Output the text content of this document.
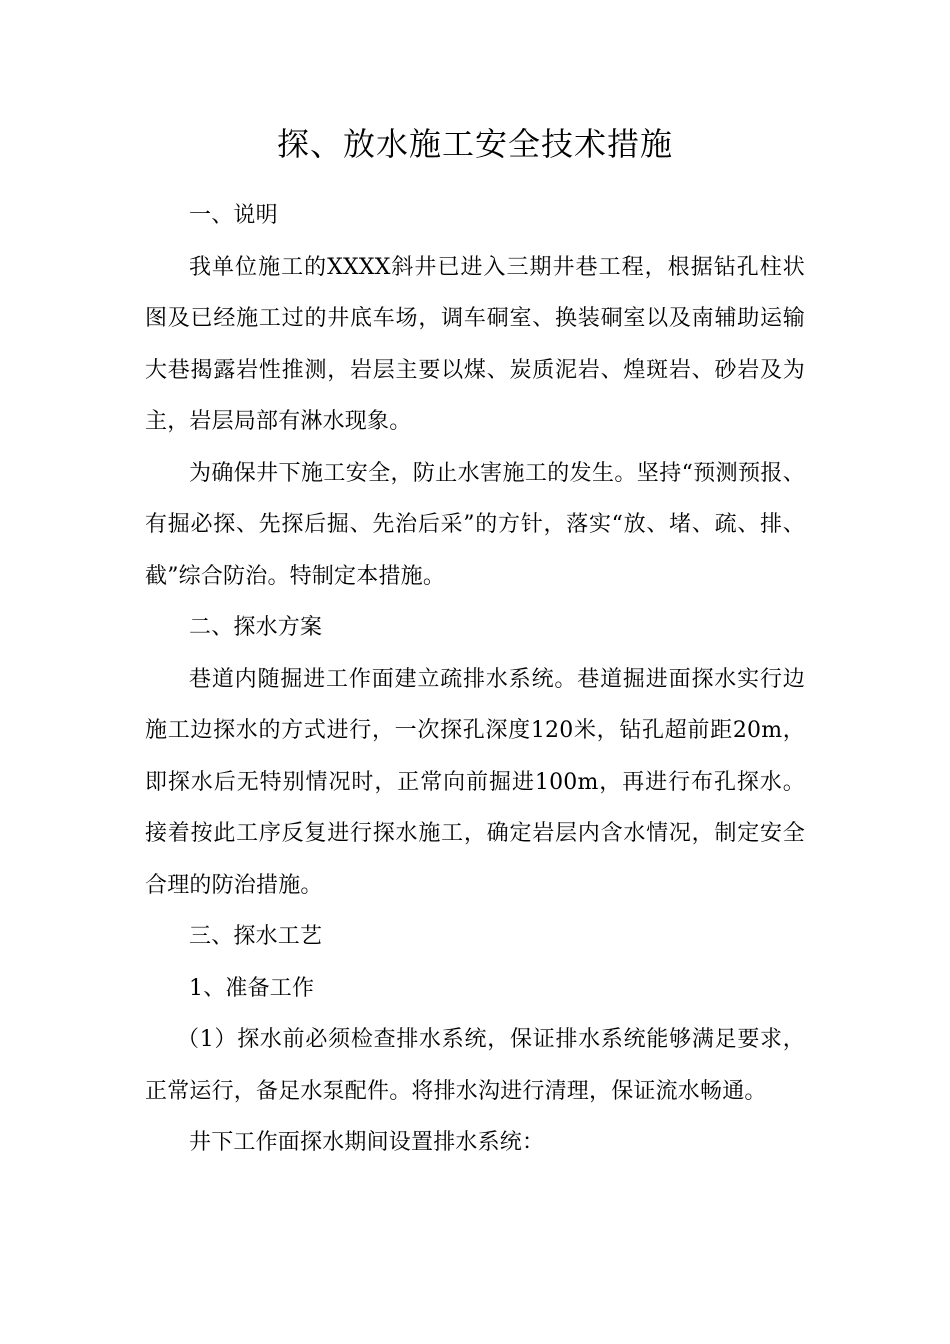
探、放水施工安全技术措施

一、说明

我单位施工的XXXX斜井已进入三期井巷工程，根据钻孔柱状图及已经施工过的井底车场，调车硐室、换装硐室以及南辅助运输大巷揭露岩性推测，岩层主要以煤、炭质泥岩、煌斑岩、砂岩及为主，岩层局部有淋水现象。

为确保井下施工安全，防止水害施工的发生。坚持“预测预报、有掘必探、先探后掘、先治后采”的方针，落实“放、堵、疏、排、截”综合防治。特制定本措施。

二、探水方案

巷道内随掘进工作面建立疏排水系统。巷道掘进面探水实行边施工边探水的方式进行，一次探孔深度120米，钻孔超前距20m，即探水后无特别情况时，正常向前掘进100m，再进行布孔探水。接着按此工序反复进行探水施工，确定岩层内含水情况，制定安全合理的防治措施。

三、探水工艺

1、准备工作

（1）探水前必须检查排水系统，保证排水系统能够满足要求，正常运行，备足水泵配件。将排水沟进行清理，保证流水畅通。

井下工作面探水期间设置排水系统：
